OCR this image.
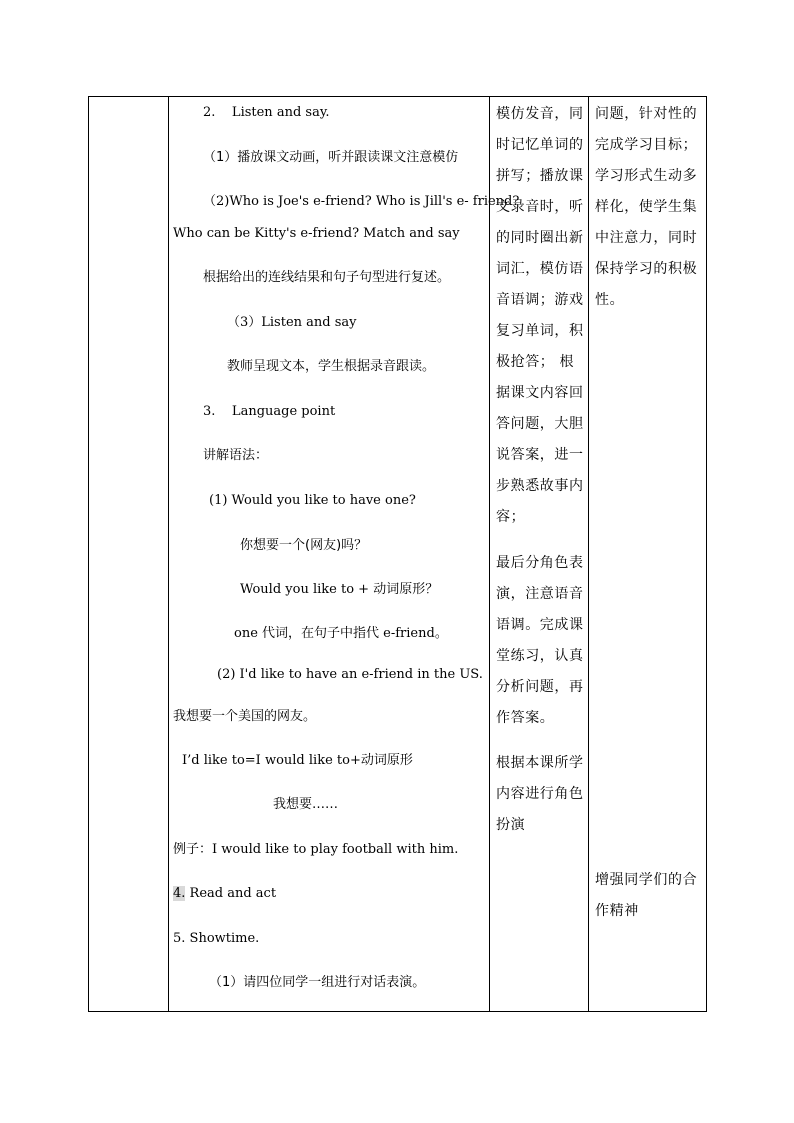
2.    Listen and say.
（1）播放课文动画，听并跟读课文注意模仿
（2)Who is Joe's e-friend? Who is Jill's e- friend?
Who can be Kitty's e-friend? Match and say
根据给出的连线结果和句子句型进行复述。
（3）Listen and say
教师呈现文本，学生根据录音跟读。
3.    Language point
讲解语法：
(1) Would you like to have one?
你想要一个(网友)吗？
Would you like to + 动词原形？
one 代词，在句子中指代 e-friend。
(2) I'd like to have an e-friend in the US.
我想要一个美国的网友。
I’d like to=I would like to+动词原形
我想要……
例子：I would like to play football with him.
4. Read and act
5. Showtime.
（1）请四位同学一组进行对话表演。
模仿发音，同
时记忆单词的
拼写；播放课
文录音时，听
的同时圈出新
词汇，模仿语
音语调；游戏
复习单词，积
极抢答； 根
据课文内容回
答问题，大胆
说答案，进一
步熟悉故事内
容；
最后分角色表
演，注意语音
语调。完成课
堂练习，认真
分析问题，再
作答案。
根据本课所学
内容进行角色
扮演
问题，针对性的
完成学习目标；
学习形式生动多
样化，使学生集
中注意力，同时
保持学习的积极
性。
增强同学们的合
作精神
